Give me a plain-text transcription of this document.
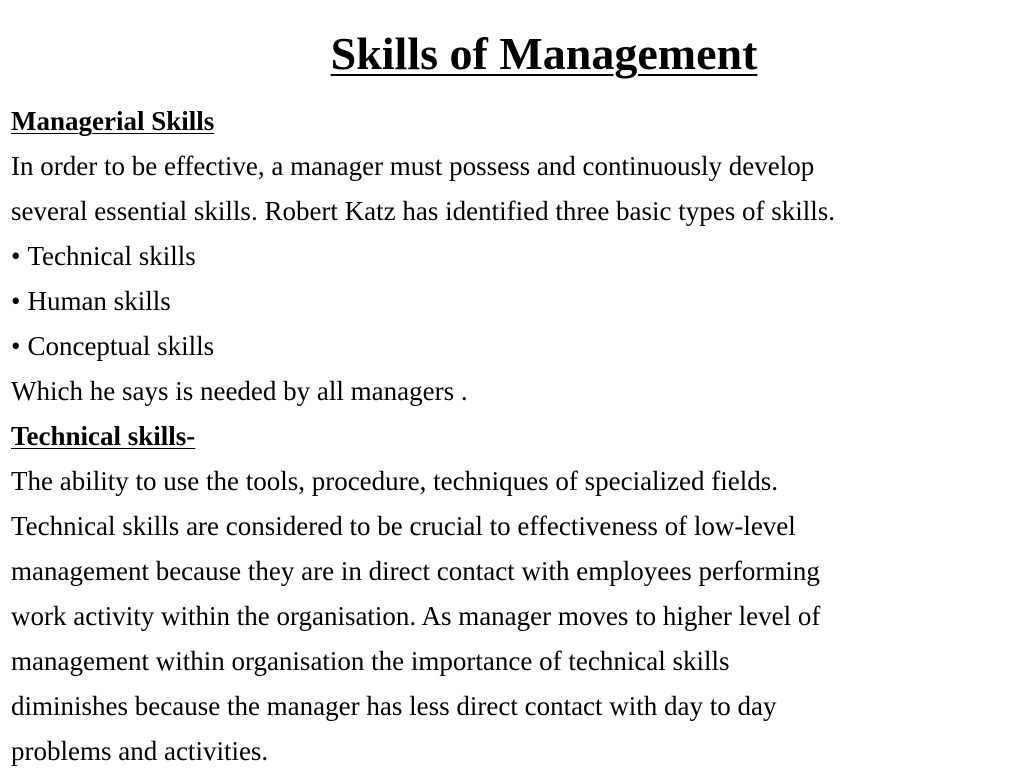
Skills of Management
Managerial Skills
In order to be effective, a manager must possess and continuously develop
several essential skills. Robert Katz has identified three basic types of skills.
• Technical skills
• Human skills
• Conceptual skills
Which he says is needed by all managers .
Technical skills-
The ability to use the tools, procedure, techniques of specialized fields.
Technical skills are considered to be crucial to effectiveness of low-level
management because they are in direct contact with employees performing
work activity within the organisation. As manager moves to higher level of
management within organisation the importance of technical skills
diminishes because the manager has less direct contact with day to day
problems and activities.
